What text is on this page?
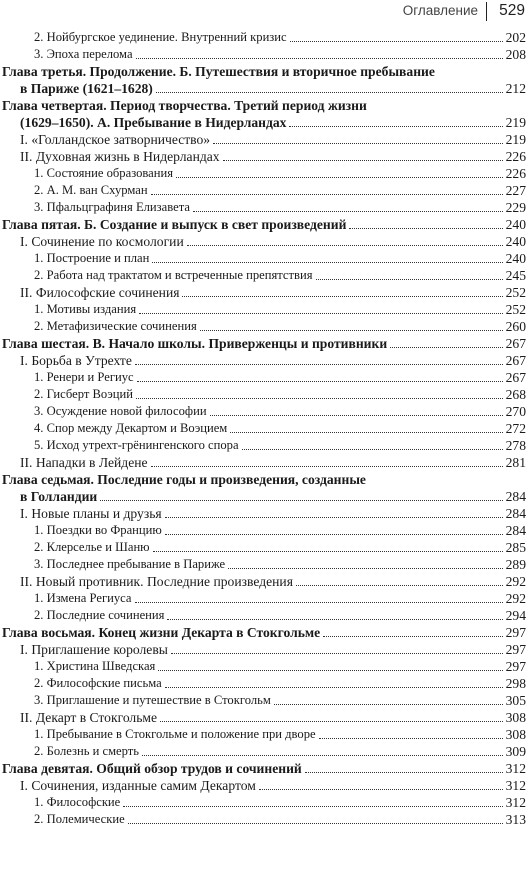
Оглавление 529
2. Нойбургское уединение. Внутренний кризис	202
3. Эпоха перелома	208
Глава третья. Продолжение. Б. Путешествия и вторичное пребывание
в Париже (1621–1628)	212
Глава четвертая. Период творчества. Третий период жизни
(1629–1650). А. Пребывание в Нидерландах	219
I. «Голландское затворничество»	219
II. Духовная жизнь в Нидерландах	226
1. Состояние образования	226
2. А. М. ван Схурман	227
3. Пфальцграфиня Елизавета	229
Глава пятая. Б. Создание и выпуск в свет произведений	240
I. Сочинение по космологии	240
1. Построение и план	240
2. Работа над трактатом и встреченные препятствия	245
II. Философские сочинения	252
1. Мотивы издания	252
2. Метафизические сочинения	260
Глава шестая. В. Начало школы. Приверженцы и противники	267
I. Борьба в Утрехте	267
1. Ренери и Региус	267
2. Гисберт Воэций	268
3. Осуждение новой философии	270
4. Спор между Декартом и Воэцием	272
5. Исход утрехт-грёнингенского спора	278
II. Нападки в Лейдене	281
Глава седьмая. Последние годы и произведения, созданные
в Голландии	284
I. Новые планы и друзья	284
1. Поездки во Францию	284
2. Клерселье и Шаню	285
3. Последнее пребывание в Париже	289
II. Новый противник. Последние произведения	292
1. Измена Региуса	292
2. Последние сочинения	294
Глава восьмая. Конец жизни Декарта в Стокгольме	297
I. Приглашение королевы	297
1. Христина Шведская	297
2. Философские письма	298
3. Приглашение и путешествие в Стокгольм	305
II. Декарт в Стокгольме	308
1. Пребывание в Стокгольме и положение при дворе	308
2. Болезнь и смерть	309
Глава девятая. Общий обзор трудов и сочинений	312
I. Сочинения, изданные самим Декартом	312
1. Философские	312
2. Полемические	313
